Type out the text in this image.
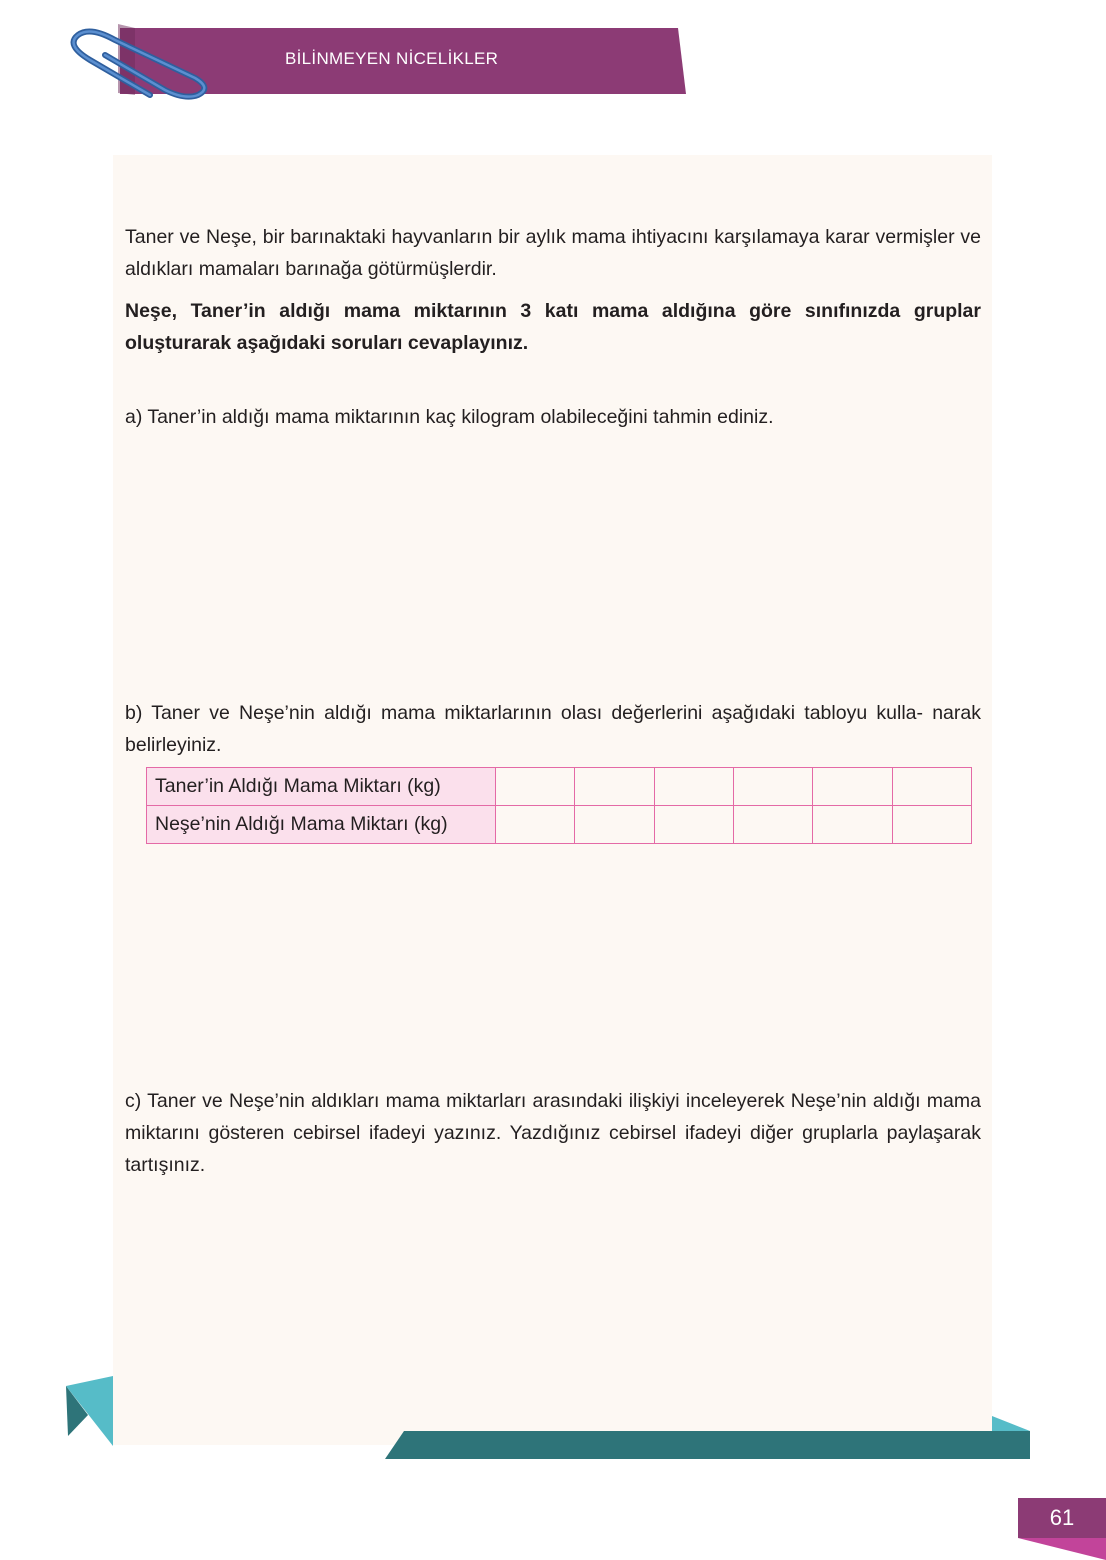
BİLİNMEYEN NİCELİKLER

Taner ve Neşe, bir barınaktaki hayvanların bir aylık mama ihtiyacını karşılamaya karar vermişler ve aldıkları mamaları barınağa götürmüşlerdir.

Neşe, Taner’in aldığı mama miktarının 3 katı mama aldığına göre sınıfınızda gruplar oluşturarak aşağıdaki soruları cevaplayınız.

a) Taner’in aldığı mama miktarının kaç kilogram olabileceğini tahmin ediniz.

b) Taner ve Neşe’nin aldığı mama miktarlarının olası değerlerini aşağıdaki tabloyu kulla- narak belirleyiniz.

Taner’in Aldığı Mama Miktarı (kg)						
Neşe’nin Aldığı Mama Miktarı (kg)						

c) Taner ve Neşe’nin aldıkları mama miktarları arasındaki ilişkiyi inceleyerek Neşe’nin aldığı mama miktarını gösteren cebirsel ifadeyi yazınız. Yazdığınız cebirsel ifadeyi diğer gruplarla paylaşarak tartışınız.

61
